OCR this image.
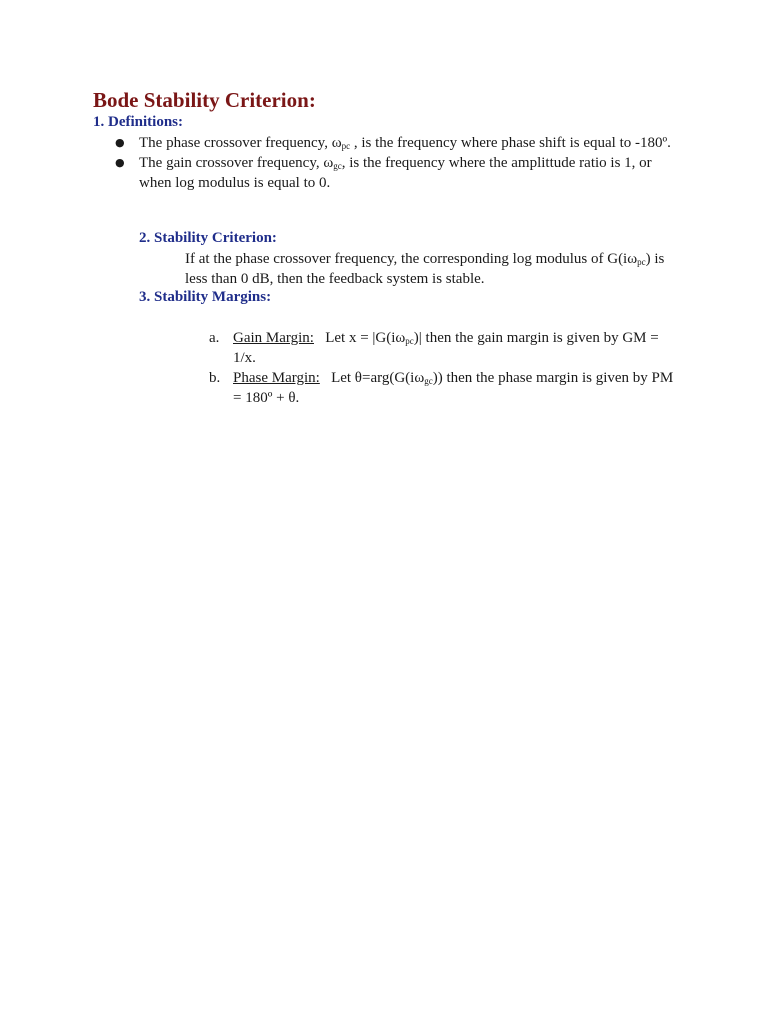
Bode Stability Criterion:
1. Definitions:
● The phase crossover frequency, $\omega_{pc}$ , is the frequency where phase shift is equal to -180º.
● The gain crossover frequency, $\omega_{gc}$, is the frequency where the amplittude ratio is 1, or when log modulus is equal to 0.
2. Stability Criterion:

If at the phase crossover frequency, the corresponding log modulus of $G(i\omega_{pc})$ is less than 0 dB, then the feedback system is stable.

3. Stability Margins:
a. Gain Margin:   Let $x = |G(i\omega_{pc})|$ then the gain margin is given by GM = 1/x.
b. Phase Margin:   Let $\theta=arg(G(i\omega_{gc}))$ then the phase margin is given by PM = 180º + θ.
